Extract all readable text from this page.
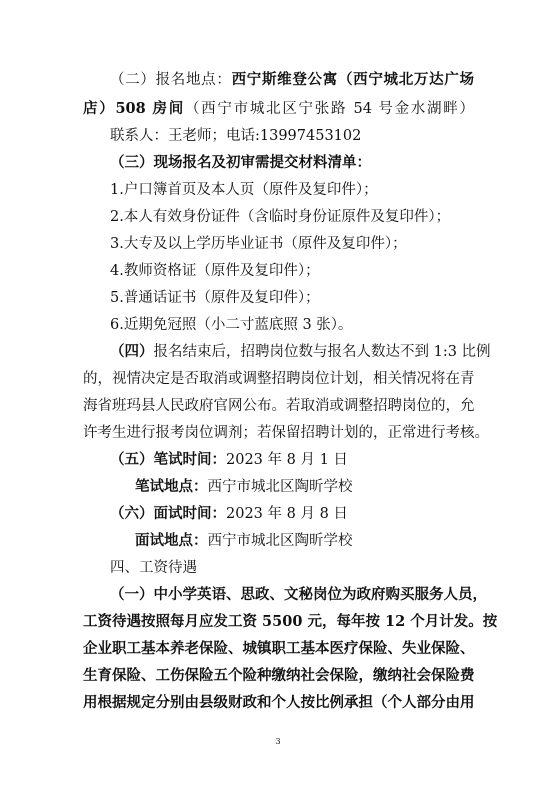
（二）报名地点：西宁斯维登公寓（西宁城北万达广场
店）508 房间（西宁市城北区宁张路 54 号金水湖畔）
联系人：王老师；电话:13997453102
（三）现场报名及初审需提交材料清单：
1.户口簿首页及本人页（原件及复印件）；
2.本人有效身份证件（含临时身份证原件及复印件）；
3.大专及以上学历毕业证书（原件及复印件）；
4.教师资格证（原件及复印件）；
5.普通话证书（原件及复印件）；
6.近期免冠照（小二寸蓝底照 3 张）。
（四）报名结束后，招聘岗位数与报名人数达不到 1:3 比例
的，视情决定是否取消或调整招聘岗位计划，相关情况将在青
海省班玛县人民政府官网公布。若取消或调整招聘岗位的，允
许考生进行报考岗位调剂；若保留招聘计划的，正常进行考核。
（五）笔试时间：2023 年 8 月 1 日
笔试地点：西宁市城北区陶昕学校
（六）面试时间：2023 年 8 月 8 日
面试地点：西宁市城北区陶昕学校
四、工资待遇
（一）中小学英语、思政、文秘岗位为政府购买服务人员，
工资待遇按照每月应发工资 5500 元，每年按 12 个月计发。按
企业职工基本养老保险、城镇职工基本医疗保险、失业保险、
生育保险、工伤保险五个险种缴纳社会保险，缴纳社会保险费
用根据规定分别由县级财政和个人按比例承担（个人部分由用
3
